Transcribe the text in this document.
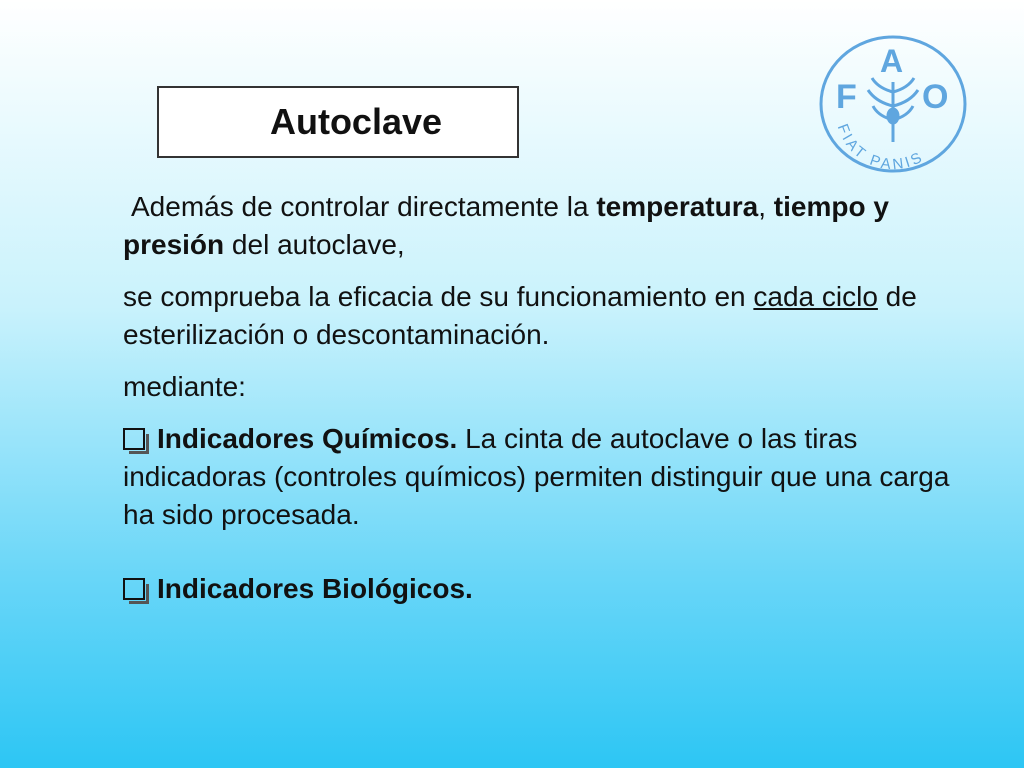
Autoclave
F
A
O
FIAT PANIS

Además de controlar directamente la temperatura, tiempo y presión del autoclave,

se comprueba la eficacia de su funcionamiento en cada ciclo de esterilización o descontaminación.

mediante:

Indicadores Químicos. La cinta de autoclave o las tiras indicadoras (controles químicos) permiten distinguir que una carga ha sido procesada.

Indicadores Biológicos.
